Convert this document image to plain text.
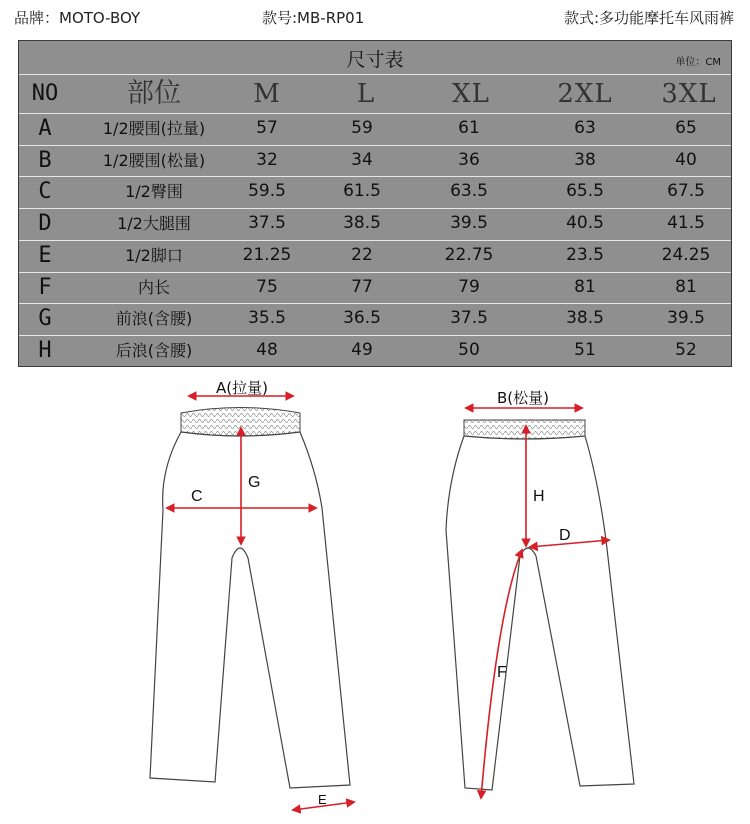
品牌：MOTO-BOY	款号:MB-RP01	款式:多功能摩托车风雨裤
尺寸表	单位：CM
NO	部位	M	L	XL	2XL	3XL
A	1/2腰围(拉量)	57	59	61	63	65
B	1/2腰围(松量)	32	34	36	38	40
C	1/2臀围	59.5	61.5	63.5	65.5	67.5
D	1/2大腿围	37.5	38.5	39.5	40.5	41.5
E	1/2脚口	21.25	22	22.75	23.5	24.25
F	内长	75	77	79	81	81
G	前浪(含腰)	35.5	36.5	37.5	38.5	39.5
H	后浪(含腰)	48	49	50	51	52
A(拉量)
B(松量)
C
G
E
H
D
F
